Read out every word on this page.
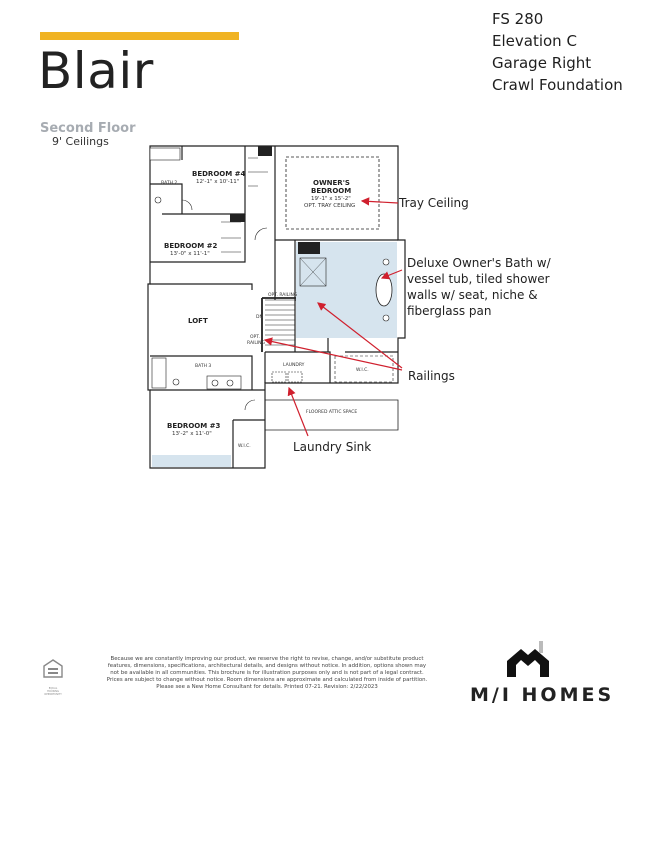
Blair
Second Floor
9' Ceilings
FS 280
Elevation C
Garage Right
Crawl Foundation
BATH 2
BEDROOM #4
12'-1" x 10'-11"	OWNER'S
BEDROOM
19'-1" x 15'-2"
OPT. TRAY CEILING
BEDROOM #2
13'-0" x 11'-1"
LOFT
BATH 3	LAUNDRY
BEDROOM #3
13'-2" x 11'-0"
W.I.C.
W.I.C.
FLOORED ATTIC SPACE
OPT. RAILING
OPT.
RAILING
DN
Tray Ceiling
Deluxe Owner's Bath w/
vessel tub, tiled shower
walls w/ seat, niche &
fiberglass pan
Railings
Laundry Sink
EQUAL HOUSING OPPORTUNITY
Because we are constantly improving our product, we reserve the right to revise, change, and/or substitute product features, dimensions, specifications, architectural details, and designs without notice. In addition, options shown may not be available in all communities. This brochure is for illustration purposes only and is not part of a legal contract. Prices are subject to change without notice. Room dimensions are approximate and calculated from inside of partition. Please see a New Home Consultant for details. Printed 07-21. Revision: 2/22/2023	M/I HOMES
